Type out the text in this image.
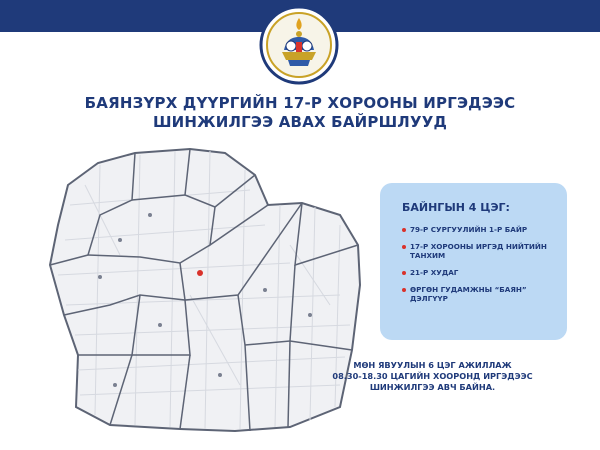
БАЯНЗҮРХ ДҮҮРГИЙН 17-Р ХОРООНЫ ИРГЭДЭЭС
ШИНЖИЛГЭЭ АВАХ БАЙРШЛУУД
БАЙНГЫН 4 ЦЭГ:
79-Р СУРГУУЛИЙН 1-Р БАЙР
17-Р ХОРООНЫ ИРГЭД НИЙТИЙН ТАНХИМ
21-Р ХУДАГ
ӨРГӨН ГУДАМЖНЫ “БАЯН” ДЭЛГҮҮР
МӨН ЯВУУЛЫН 6 ЦЭГ АЖИЛЛАЖ
08.30-18.30 ЦАГИЙН ХООРОНД ИРГЭДЭЭС
ШИНЖИЛГЭЭ АВЧ БАЙНА.
